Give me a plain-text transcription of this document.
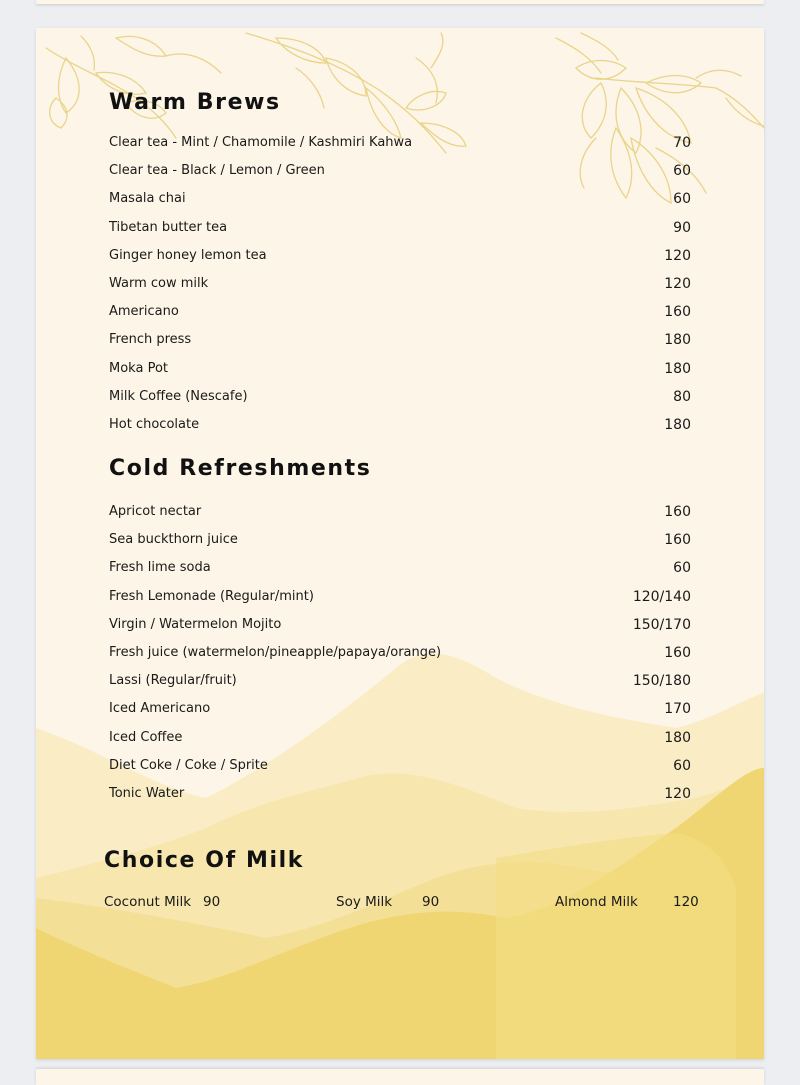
Warm Brews
Clear tea - Mint / Chamomile / Kashmiri Kahwa	70
Clear tea - Black / Lemon / Green	60
Masala chai	60
Tibetan butter tea	90
Ginger honey lemon tea	120
Warm cow milk	120
Americano	160
French press	180
Moka Pot	180
Milk Coffee (Nescafe)	80
Hot chocolate	180
Cold Refreshments
Apricot nectar	160
Sea buckthorn juice	160
Fresh lime soda	60
Fresh Lemonade (Regular/mint)	120/140
Virgin / Watermelon Mojito	150/170
Fresh juice (watermelon/pineapple/papaya/orange)	160
Lassi (Regular/fruit)	150/180
Iced Americano	170
Iced Coffee	180
Diet Coke / Coke / Sprite	60
Tonic Water	120
Choice Of Milk
Coconut Milk 90	Soy Milk 90	Almond Milk	120
